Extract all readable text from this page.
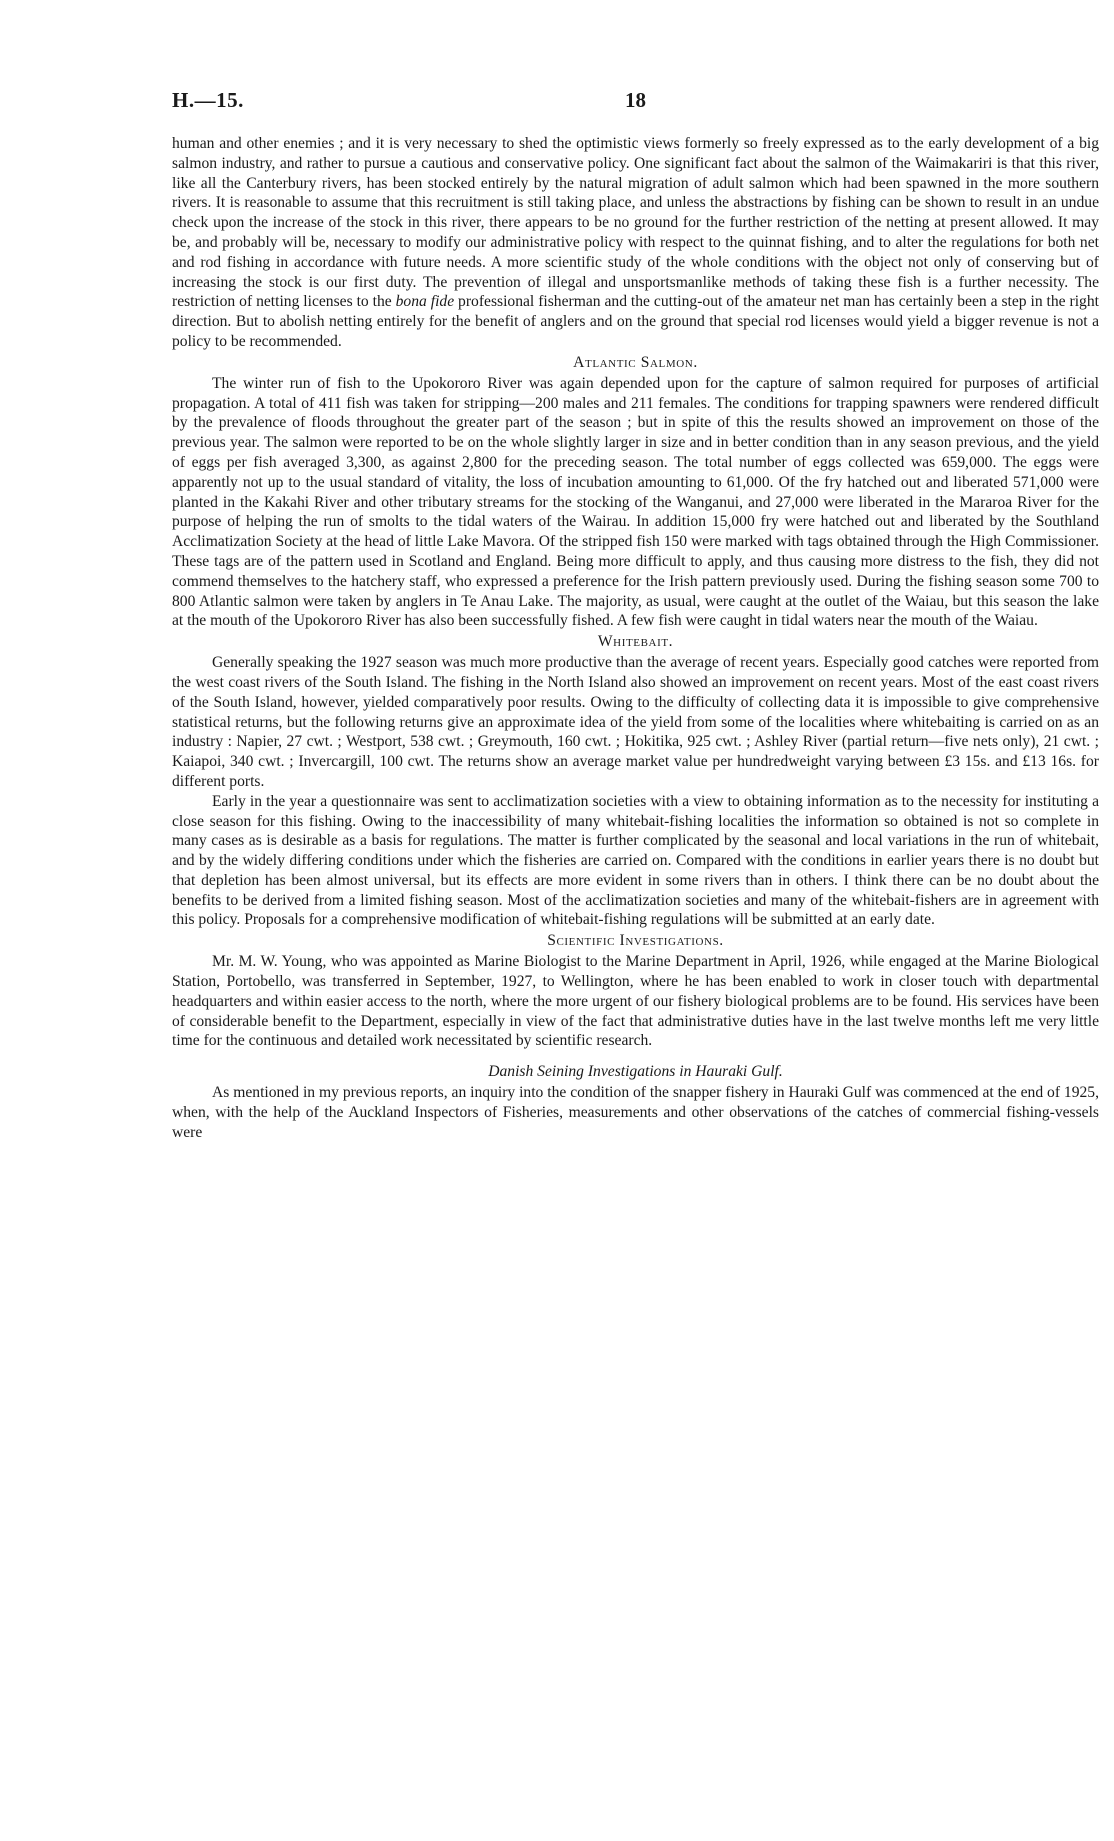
H.—15.	18

human and other enemies ; and it is very necessary to shed the optimistic views formerly so freely expressed as to the early development of a big salmon industry, and rather to pursue a cautious and conservative policy. One significant fact about the salmon of the Waimakariri is that this river, like all the Canterbury rivers, has been stocked entirely by the natural migration of adult salmon which had been spawned in the more southern rivers. It is reasonable to assume that this recruitment is still taking place, and unless the abstractions by fishing can be shown to result in an undue check upon the increase of the stock in this river, there appears to be no ground for the further restriction of the netting at present allowed. It may be, and probably will be, necessary to modify our administrative policy with respect to the quinnat fishing, and to alter the regulations for both net and rod fishing in accordance with future needs. A more scientific study of the whole conditions with the object not only of conserving but of increasing the stock is our first duty. The prevention of illegal and unsportsmanlike methods of taking these fish is a further necessity. The restriction of netting licenses to the bona fide professional fisherman and the cutting-out of the amateur net man has certainly been a step in the right direction. But to abolish netting entirely for the benefit of anglers and on the ground that special rod licenses would yield a bigger revenue is not a policy to be recommended.

Atlantic Salmon.

The winter run of fish to the Upokororo River was again depended upon for the capture of salmon required for purposes of artificial propagation. A total of 411 fish was taken for stripping—200 males and 211 females. The conditions for trapping spawners were rendered difficult by the prevalence of floods throughout the greater part of the season ; but in spite of this the results showed an improvement on those of the previous year. The salmon were reported to be on the whole slightly larger in size and in better condition than in any season previous, and the yield of eggs per fish averaged 3,300, as against 2,800 for the preceding season. The total number of eggs collected was 659,000. The eggs were apparently not up to the usual standard of vitality, the loss of incubation amounting to 61,000. Of the fry hatched out and liberated 571,000 were planted in the Kakahi River and other tributary streams for the stocking of the Wanganui, and 27,000 were liberated in the Mararoa River for the purpose of helping the run of smolts to the tidal waters of the Wairau. In addition 15,000 fry were hatched out and liberated by the Southland Acclimatization Society at the head of little Lake Mavora. Of the stripped fish 150 were marked with tags obtained through the High Commissioner. These tags are of the pattern used in Scotland and England. Being more difficult to apply, and thus causing more distress to the fish, they did not commend themselves to the hatchery staff, who expressed a preference for the Irish pattern previously used. During the fishing season some 700 to 800 Atlantic salmon were taken by anglers in Te Anau Lake. The majority, as usual, were caught at the outlet of the Waiau, but this season the lake at the mouth of the Upokororo River has also been successfully fished. A few fish were caught in tidal waters near the mouth of the Waiau.

Whitebait.

Generally speaking the 1927 season was much more productive than the average of recent years. Especially good catches were reported from the west coast rivers of the South Island. The fishing in the North Island also showed an improvement on recent years. Most of the east coast rivers of the South Island, however, yielded comparatively poor results. Owing to the difficulty of collecting data it is impossible to give comprehensive statistical returns, but the following returns give an approximate idea of the yield from some of the localities where whitebaiting is carried on as an industry : Napier, 27 cwt. ; Westport, 538 cwt. ; Greymouth, 160 cwt. ; Hokitika, 925 cwt. ; Ashley River (partial return—five nets only), 21 cwt. ; Kaiapoi, 340 cwt. ; Invercargill, 100 cwt. The returns show an average market value per hundredweight varying between £3 15s. and £13 16s. for different ports.

Early in the year a questionnaire was sent to acclimatization societies with a view to obtaining information as to the necessity for instituting a close season for this fishing. Owing to the inaccessibility of many whitebait-fishing localities the information so obtained is not so complete in many cases as is desirable as a basis for regulations. The matter is further complicated by the seasonal and local variations in the run of whitebait, and by the widely differing conditions under which the fisheries are carried on. Compared with the conditions in earlier years there is no doubt but that depletion has been almost universal, but its effects are more evident in some rivers than in others. I think there can be no doubt about the benefits to be derived from a limited fishing season. Most of the acclimatization societies and many of the whitebait-fishers are in agreement with this policy. Proposals for a comprehensive modification of whitebait-fishing regulations will be submitted at an early date.

Scientific Investigations.

Mr. M. W. Young, who was appointed as Marine Biologist to the Marine Department in April, 1926, while engaged at the Marine Biological Station, Portobello, was transferred in September, 1927, to Wellington, where he has been enabled to work in closer touch with departmental headquarters and within easier access to the north, where the more urgent of our fishery biological problems are to be found. His services have been of considerable benefit to the Department, especially in view of the fact that administrative duties have in the last twelve months left me very little time for the continuous and detailed work necessitated by scientific research.

Danish Seining Investigations in Hauraki Gulf.

As mentioned in my previous reports, an inquiry into the condition of the snapper fishery in Hauraki Gulf was commenced at the end of 1925, when, with the help of the Auckland Inspectors of Fisheries, measurements and other observations of the catches of commercial fishing-vessels were
